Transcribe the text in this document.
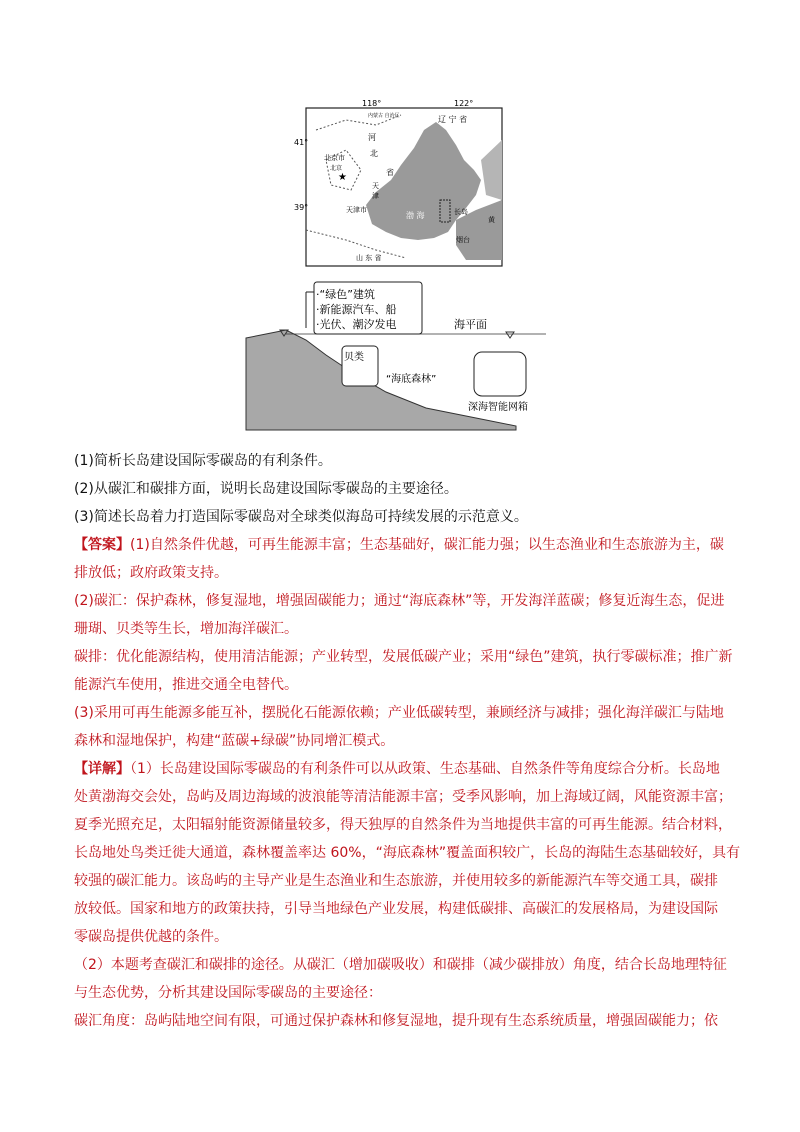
118°	122°
41°
39°
内蒙古 自治区	辽 宁 省
河
北
省
北京市
北京
★
天
津
天津市
渤 海	长岛
黄
烟台
山 东 省
·“绿色”建筑
·新能源汽车、船
·光伏、潮汐发电	海平面
贝类
“海底森林”
深海智能网箱
(1)简析长岛建设国际零碳岛的有利条件。
(2)从碳汇和碳排方面，说明长岛建设国际零碳岛的主要途径。
(3)简述长岛着力打造国际零碳岛对全球类似海岛可持续发展的示范意义。
【答案】(1)自然条件优越，可再生能源丰富；生态基础好，碳汇能力强；以生态渔业和生态旅游为主，碳
排放低；政府政策支持。
(2)碳汇：保护森林，修复湿地，增强固碳能力；通过“海底森林”等，开发海洋蓝碳；修复近海生态，促进
珊瑚、贝类等生长，增加海洋碳汇。
碳排：优化能源结构，使用清洁能源；产业转型，发展低碳产业；采用“绿色”建筑，执行零碳标准；推广新
能源汽车使用，推进交通全电替代。
(3)采用可再生能源多能互补，摆脱化石能源依赖；产业低碳转型，兼顾经济与减排；强化海洋碳汇与陆地
森林和湿地保护，构建“蓝碳+绿碳”协同增汇模式。
【详解】（1）长岛建设国际零碳岛的有利条件可以从政策、生态基础、自然条件等角度综合分析。长岛地
处黄渤海交会处，岛屿及周边海域的波浪能等清洁能源丰富；受季风影响，加上海域辽阔，风能资源丰富；
夏季光照充足，太阳辐射能资源储量较多，得天独厚的自然条件为当地提供丰富的可再生能源。结合材料，
长岛地处鸟类迁徙大通道，森林覆盖率达 60%，“海底森林”覆盖面积较广，长岛的海陆生态基础较好，具有
较强的碳汇能力。该岛屿的主导产业是生态渔业和生态旅游，并使用较多的新能源汽车等交通工具，碳排
放较低。国家和地方的政策扶持，引导当地绿色产业发展，构建低碳排、高碳汇的发展格局，为建设国际
零碳岛提供优越的条件。
（2）本题考查碳汇和碳排的途径。从碳汇（增加碳吸收）和碳排（减少碳排放）角度，结合长岛地理特征
与生态优势，分析其建设国际零碳岛的主要途径：
碳汇角度：岛屿陆地空间有限，可通过保护森林和修复湿地，提升现有生态系统质量，增强固碳能力；依
